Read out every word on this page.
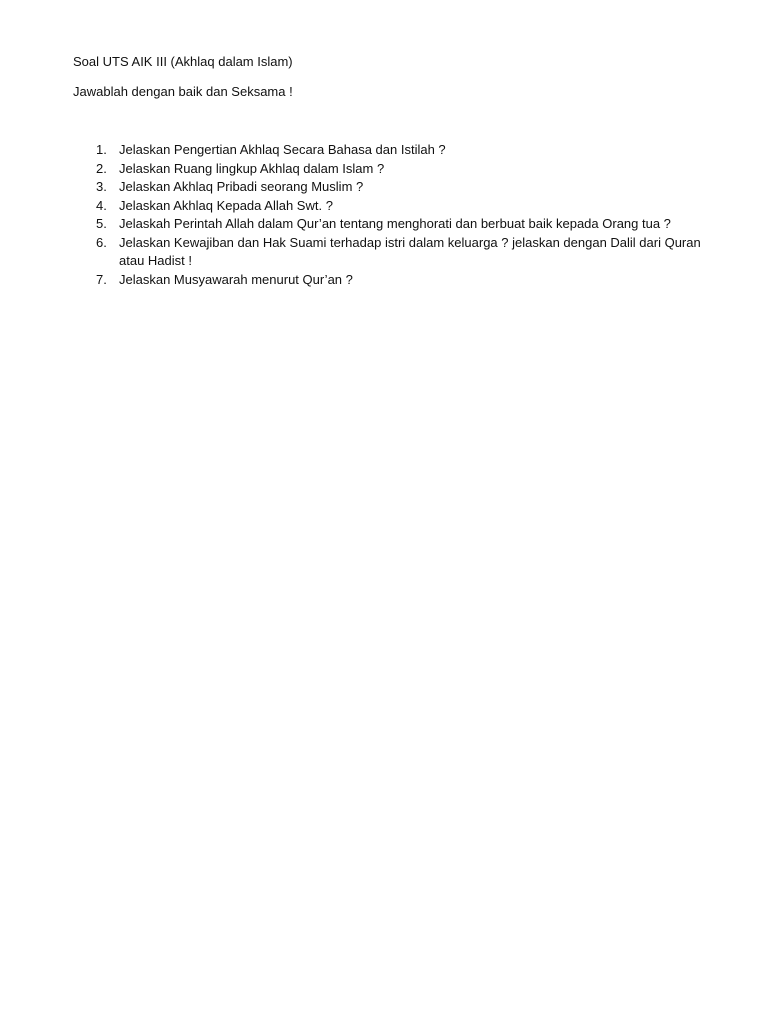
Soal UTS AIK III (Akhlaq dalam Islam)
Jawablah dengan baik dan Seksama !
1. Jelaskan Pengertian Akhlaq Secara Bahasa dan Istilah ?
2. Jelaskan Ruang lingkup Akhlaq dalam Islam ?
3. Jelaskan Akhlaq Pribadi seorang Muslim ?
4. Jelaskan Akhlaq Kepada Allah Swt. ?
5. Jelaskah Perintah Allah dalam Qur’an tentang menghorati dan berbuat baik kepada Orang tua ?
6. Jelaskan Kewajiban dan Hak Suami terhadap istri dalam keluarga ? jelaskan dengan Dalil dari Quran atau Hadist !
7. Jelaskan Musyawarah menurut Qur’an ?
